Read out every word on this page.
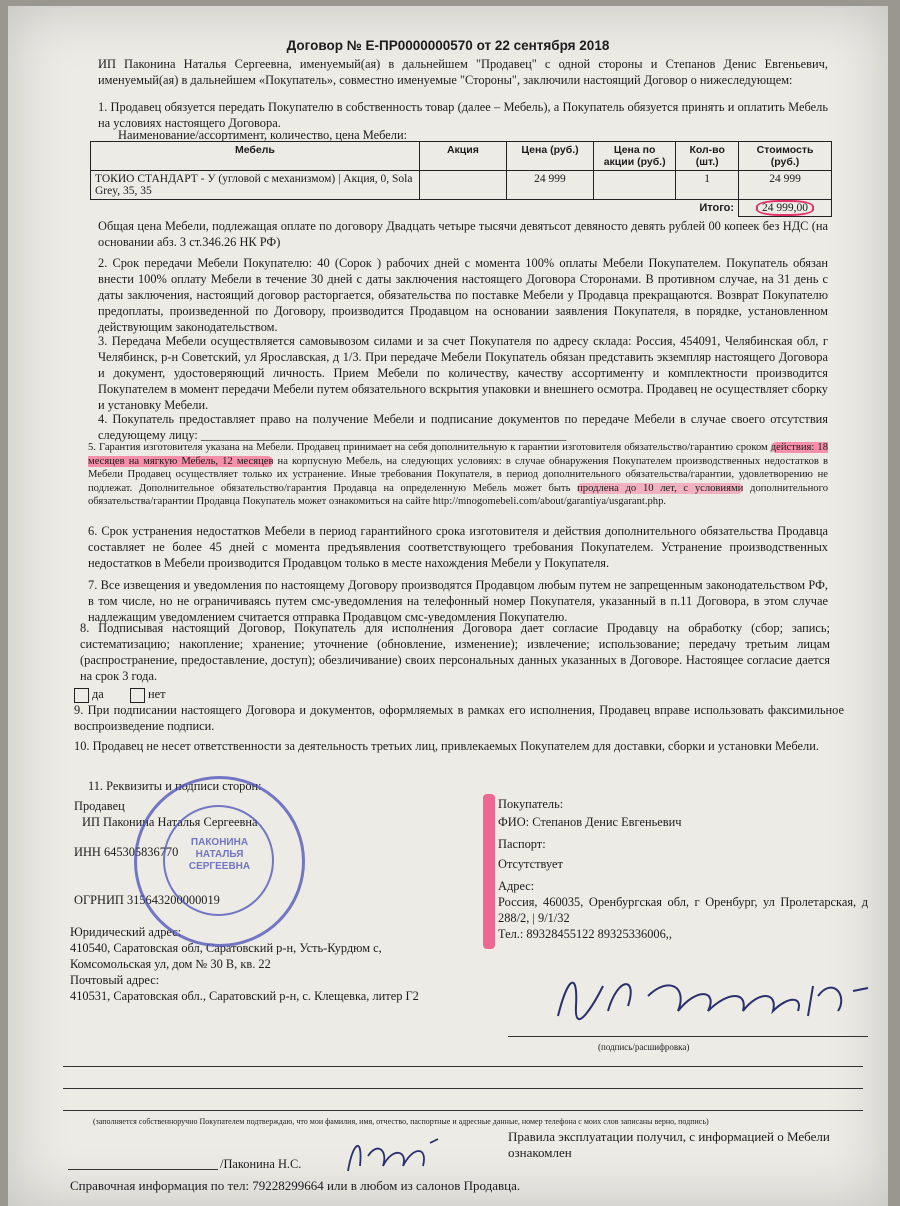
Договор № Е-ПР0000000570 от 22 сентября 2018
ИП Паконина Наталья Сергеевна, именуемый(ая) в дальнейшем "Продавец" с одной стороны и Степанов Денис Евгеньевич, именуемый(ая) в дальнейшем «Покупатель», совместно именуемые "Стороны", заключили настоящий Договор о нижеследующем:
1. Продавец обязуется передать Покупателю в собственность товар (далее – Мебель), а Покупатель обязуется принять и оплатить Мебель на условиях настоящего Договора.
Наименование/ассортимент, количество, цена Мебели:
Мебель	Акция	Цена (руб.)	Цена по акции (руб.)	Кол-во (шт.)	Стоимость (руб.)
ТОКИО СТАНДАРТ - У (угловой с механизмом) | Акция, 0, Sola Grey, 35, 35		24 999		1	24 999
Итого:					24 999,00
Общая цена Мебели, подлежащая оплате по договору Двадцать четыре тысячи девятьсот девяносто девять рублей 00 копеек без НДС (на основании абз. 3 ст.346.26 НК РФ)
2. Срок передачи Мебели Покупателю: 40 (Сорок ) рабочих дней с момента 100% оплаты Мебели Покупателем. Покупатель обязан внести 100% оплату Мебели в течение 30 дней с даты заключения настоящего Договора Сторонами. В противном случае, на 31 день с даты заключения, настоящий договор расторгается, обязательства по поставке Мебели у Продавца прекращаются. Возврат Покупателю предоплаты, произведенной по Договору, производится Продавцом на основании заявления Покупателя, в порядке, установленном действующим законодательством.
3. Передача Мебели осуществляется самовывозом силами и за счет Покупателя по адресу склада: Россия, 454091, Челябинская обл, г Челябинск, р-н Советский, ул Ярославская, д 1/3. При передаче Мебели Покупатель обязан представить экземпляр настоящего Договора и документ, удостоверяющий личность. Прием Мебели по количеству, качеству ассортименту и комплектности производится Покупателем в момент передачи Мебели путем обязательного вскрытия упаковки и внешнего осмотра. Продавец не осуществляет сборку и установку Мебели.
4. Покупатель предоставляет право на получение Мебели и подписание документов по передаче Мебели в случае своего отсутствия следующему лицу: ___________________________________________________________
5. Гарантия изготовителя указана на Мебели. Продавец принимает на себя дополнительную к гарантии изготовителя обязательство/гарантию сроком действия: 18 месяцев на мягкую Мебель, 12 месяцев на корпусную Мебель, на следующих условиях: в случае обнаружения Покупателем производственных недостатков в Мебели Продавец осуществляет только их устранение. Иные требования Покупателя, в период дополнительного обязательства/гарантии, удовлетворению не подлежат. Дополнительное обязательство/гарантия Продавца на определенную Мебель может быть продлена до 10 лет, с условиями дополнительного обязательства/гарантии Продавца Покупатель может ознакомиться на сайте http://mnogomebeli.com/about/garantiya/usgarant.php.
6. Срок устранения недостатков Мебели в период гарантийного срока изготовителя и действия дополнительного обязательства Продавца составляет не более 45 дней с момента предъявления соответствующего требования Покупателем. Устранение производственных недостатков в Мебели производится Продавцом только в месте нахождения Мебели у Покупателя.
7. Все извещения и уведомления по настоящему Договору производятся Продавцом любым путем не запрещенным законодательством РФ, в том числе, но не ограничиваясь путем смс-уведомления на телефонный номер Покупателя, указанный в п.11 Договора, в этом случае надлежащим уведомлением считается отправка Продавцом смс-уведомления Покупателю.
8. Подписывая настоящий Договор, Покупатель для исполнения Договора дает согласие Продавцу на обработку (сбор; запись; систематизацию; накопление; хранение; уточнение (обновление, изменение); извлечение; использование; передачу третьим лицам (распространение, предоставление, доступ); обезличивание) своих персональных данных указанных в Договоре. Настоящее согласие дается на срок 3 года.
да	нет
9. При подписании настоящего Договора и документов, оформляемых в рамках его исполнения, Продавец вправе использовать факсимильное воспроизведение подписи.
10. Продавец не несет ответственности за деятельность третьих лиц, привлекаемых Покупателем для доставки, сборки и установки Мебели.
11. Реквизиты и подписи сторон:
Продавец
ИП Паконина Наталья Сергеевна
ИНН 645305836770
ОГРНИП 315643200000019
Юридический адрес:
410540, Саратовская обл, Саратовский р-н, Усть-Курдюм с, Комсомольская ул, дом № 30 В, кв. 22
Почтовый адрес:
410531, Саратовская обл., Саратовский р-н, с. Клещевка, литер Г2
ПАКОНИНА
НАТАЛЬЯ
СЕРГЕЕВНА
Покупатель:
ФИО: Степанов Денис Евгеньевич
Паспорт:
Отсутствует
Адрес:
Россия, 460035, Оренбургская обл, г Оренбург, ул Пролетарская, д 288/2, | 9/1/32
Тел.: 89328455122 89325336006,,
(подпись/расшифровка)
(заполняется собственноручно Покупателем подтверждаю, что мои фамилия, имя, отчество, паспортные и адресные данные, номер телефона с моих слов записаны верно, подпись)
/Паконина Н.С.
Правила эксплуатации получил, с информацией о Мебели ознакомлен
Справочная информация по тел: 79228299664 или в любом из салонов Продавца.
